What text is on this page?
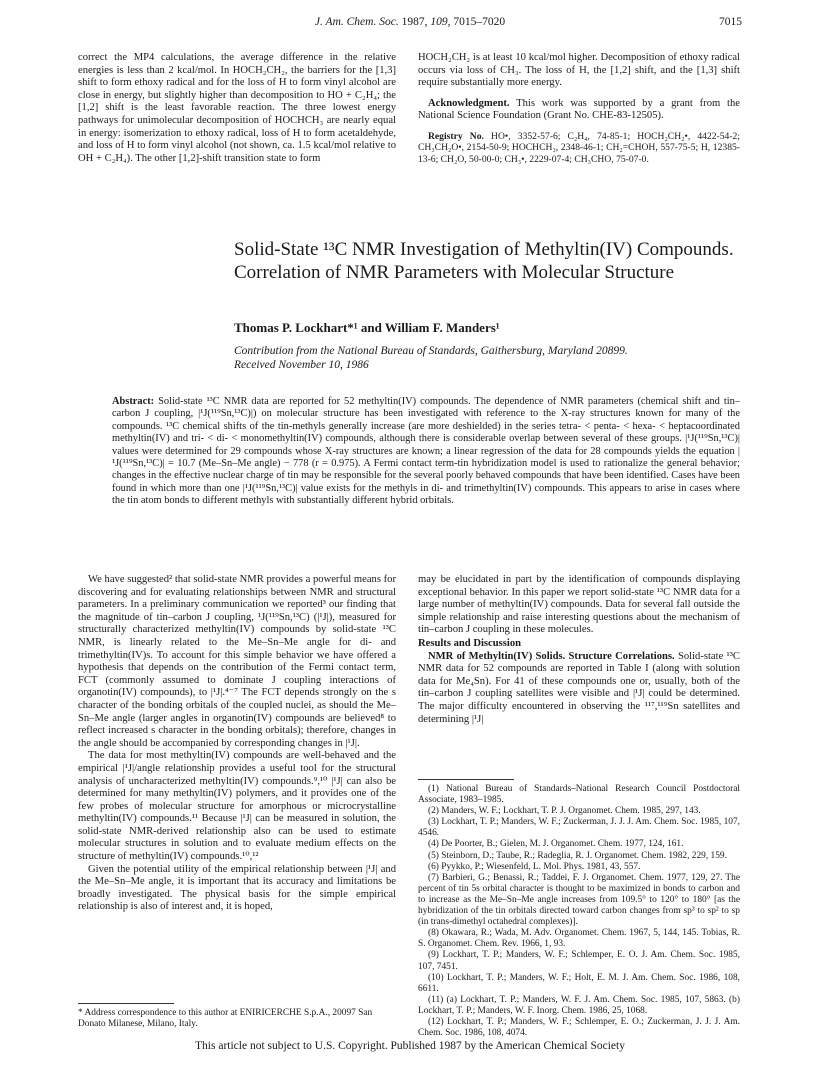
J. Am. Chem. Soc. 1987, 109, 7015–7020	7015

correct the MP4 calculations, the average difference in the relative energies is less than 2 kcal/mol. In HOCH₂CH₂, the barriers for the [1,3] shift to form ethoxy radical and for the loss of H to form vinyl alcohol are close in energy, but slightly higher than decomposition to HO + C₂H₄; the [1,2] shift is the least favorable reaction. The three lowest energy pathways for unimolecular decomposition of HOCHCH₃ are nearly equal in energy: isomerization to ethoxy radical, loss of H to form acetaldehyde, and loss of H to form vinyl alcohol (not shown, ca. 1.5 kcal/mol relative to OH + C₂H₄). The other [1,2]-shift transition state to form

HOCH₂CH₂ is at least 10 kcal/mol higher. Decomposition of ethoxy radical occurs via loss of CH₃. The loss of H, the [1,2] shift, and the [1,3] shift require substantially more energy.

Acknowledgment. This work was supported by a grant from the National Science Foundation (Grant No. CHE-83-12505).

Registry No. HO•, 3352-57-6; C₂H₄, 74-85-1; HOCH₂CH₂•, 4422-54-2; CH₃CH₂O•, 2154-50-9; HOCHCH₃, 2348-46-1; CH₂=CHOH, 557-75-5; H, 12385-13-6; CH₂O, 50-00-0; CH₃•, 2229-07-4; CH₃CHO, 75-07-0.

Solid-State ¹³C NMR Investigation of Methyltin(IV) Compounds. Correlation of NMR Parameters with Molecular Structure
Thomas P. Lockhart*¹ and William F. Manders¹
Contribution from the National Bureau of Standards, Gaithersburg, Maryland 20899.
Received November 10, 1986
Abstract: Solid-state ¹³C NMR data are reported for 52 methyltin(IV) compounds. The dependence of NMR parameters (chemical shift and tin–carbon J coupling, |¹J(¹¹⁹Sn,¹³C)|) on molecular structure has been investigated with reference to the X-ray structures known for many of the compounds. ¹³C chemical shifts of the tin-methyls generally increase (are more deshielded) in the series tetra- < penta- < hexa- < heptacoordinated methyltin(IV) and tri- < di- < monomethyltin(IV) compounds, although there is considerable overlap between several of these groups. |¹J(¹¹⁹Sn,¹³C)| values were determined for 29 compounds whose X-ray structures are known; a linear regression of the data for 28 compounds yields the equation |¹J(¹¹⁹Sn,¹³C)| = 10.7 (Me–Sn–Me angle) − 778 (r = 0.975). A Fermi contact term-tin hybridization model is used to rationalize the general behavior; changes in the effective nuclear charge of tin may be responsible for the several poorly behaved compounds that have been identified. Cases have been found in which more than one |¹J(¹¹⁹Sn,¹³C)| value exists for the methyls in di- and trimethyltin(IV) compounds. This appears to arise in cases where the tin atom bonds to different methyls with substantially different hybrid orbitals.

We have suggested² that solid-state NMR provides a powerful means for discovering and for evaluating relationships between NMR and structural parameters. In a preliminary communication we reported³ our finding that the magnitude of tin–carbon J coupling, ¹J(¹¹⁹Sn,¹³C) (|¹J|), measured for structurally characterized methyltin(IV) compounds by solid-state ¹³C NMR, is linearly related to the Me–Sn–Me angle for di- and trimethyltin(IV)s. To account for this simple behavior we have offered a hypothesis that depends on the contribution of the Fermi contact term, FCT (commonly assumed to dominate J coupling interactions of organotin(IV) compounds), to |¹J|.⁴⁻⁷ The FCT depends strongly on the s character of the bonding orbitals of the coupled nuclei, as should the Me–Sn–Me angle (larger angles in organotin(IV) compounds are believed⁸ to reflect increased s character in the bonding orbitals); therefore, changes in the angle should be accompanied by corresponding changes in |¹J|.

The data for most methyltin(IV) compounds are well-behaved and the empirical |¹J|/angle relationship provides a useful tool for the structural analysis of uncharacterized methyltin(IV) compounds.⁹,¹⁰ |¹J| can also be determined for many methyltin(IV) polymers, and it provides one of the few probes of molecular structure for amorphous or microcrystalline methyltin(IV) compounds.¹¹ Because |¹J| can be measured in solution, the solid-state NMR-derived relationship also can be used to estimate molecular structures in solution and to evaluate medium effects on the structure of methyltin(IV) compounds.¹⁰,¹²

Given the potential utility of the empirical relationship between |¹J| and the Me–Sn–Me angle, it is important that its accuracy and limitations be broadly investigated. The physical basis for the simple empirical relationship is also of interest and, it is hoped,

* Address correspondence to this author at ENIRICERCHE S.p.A., 20097 San Donato Milanese, Milano, Italy.

may be elucidated in part by the identification of compounds displaying exceptional behavior. In this paper we report solid-state ¹³C NMR data for a large number of methyltin(IV) compounds. Data for several fall outside the simple relationship and raise interesting questions about the mechanism of tin–carbon J coupling in these molecules.

Results and Discussion

NMR of Methyltin(IV) Solids. Structure Correlations. Solid-state ¹³C NMR data for 52 compounds are reported in Table I (along with solution data for Me₄Sn). For 41 of these compounds one or, usually, both of the tin–carbon J coupling satellites were visible and |¹J| could be determined. The major difficulty encountered in observing the ¹¹⁷,¹¹⁹Sn satellites and determining |¹J|

(1) National Bureau of Standards–National Research Council Postdoctoral Associate, 1983–1985.

(2) Manders, W. F.; Lockhart, T. P. J. Organomet. Chem. 1985, 297, 143.

(3) Lockhart, T. P.; Manders, W. F.; Zuckerman, J. J. J. Am. Chem. Soc. 1985, 107, 4546.

(4) De Poorter, B.; Gielen, M. J. Organomet. Chem. 1977, 124, 161.

(5) Steinborn, D.; Taube, R.; Radeglia, R. J. Organomet. Chem. 1982, 229, 159.

(6) Pyykko, P.; Wiesenfeld, L. Mol. Phys. 1981, 43, 557.

(7) Barbieri, G.; Benassi, R.; Taddei, F. J. Organomet. Chem. 1977, 129, 27. The percent of tin 5s orbital character is thought to be maximized in bonds to carbon and to increase as the Me–Sn–Me angle increases from 109.5° to 120° to 180° [as the hybridization of the tin orbitals directed toward carbon changes from sp³ to sp² to sp (in trans-dimethyl octahedral complexes)].

(8) Okawara, R.; Wada, M. Adv. Organomet. Chem. 1967, 5, 144, 145. Tobias, R. S. Organomet. Chem. Rev. 1966, 1, 93.

(9) Lockhart, T. P.; Manders, W. F.; Schlemper, E. O. J. Am. Chem. Soc. 1985, 107, 7451.

(10) Lockhart, T. P.; Manders, W. F.; Holt, E. M. J. Am. Chem. Soc. 1986, 108, 6611.

(11) (a) Lockhart, T. P.; Manders, W. F. J. Am. Chem. Soc. 1985, 107, 5863. (b) Lockhart, T. P.; Manders, W. F. Inorg. Chem. 1986, 25, 1068.

(12) Lockhart, T. P.; Manders, W. F.; Schlemper, E. O.; Zuckerman, J. J. J. Am. Chem. Soc. 1986, 108, 4074.

This article not subject to U.S. Copyright. Published 1987 by the American Chemical Society
